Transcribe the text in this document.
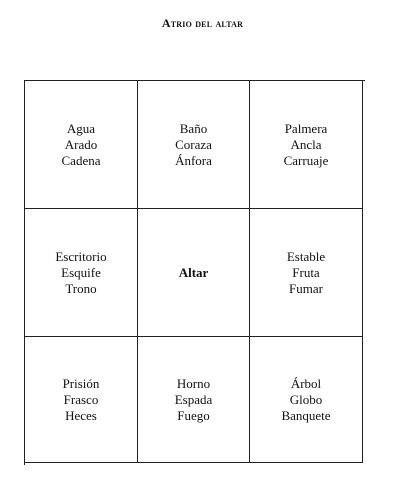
Atrio del altar
Agua
Arado
Cadena
Baño
Coraza
Ánfora
Palmera
Ancla
Carruaje
Escritorio
Esquife
Trono
Altar
Estable
Fruta
Fumar
Prisión
Frasco
Heces
Horno
Espada
Fuego
Árbol
Globo
Banquete
